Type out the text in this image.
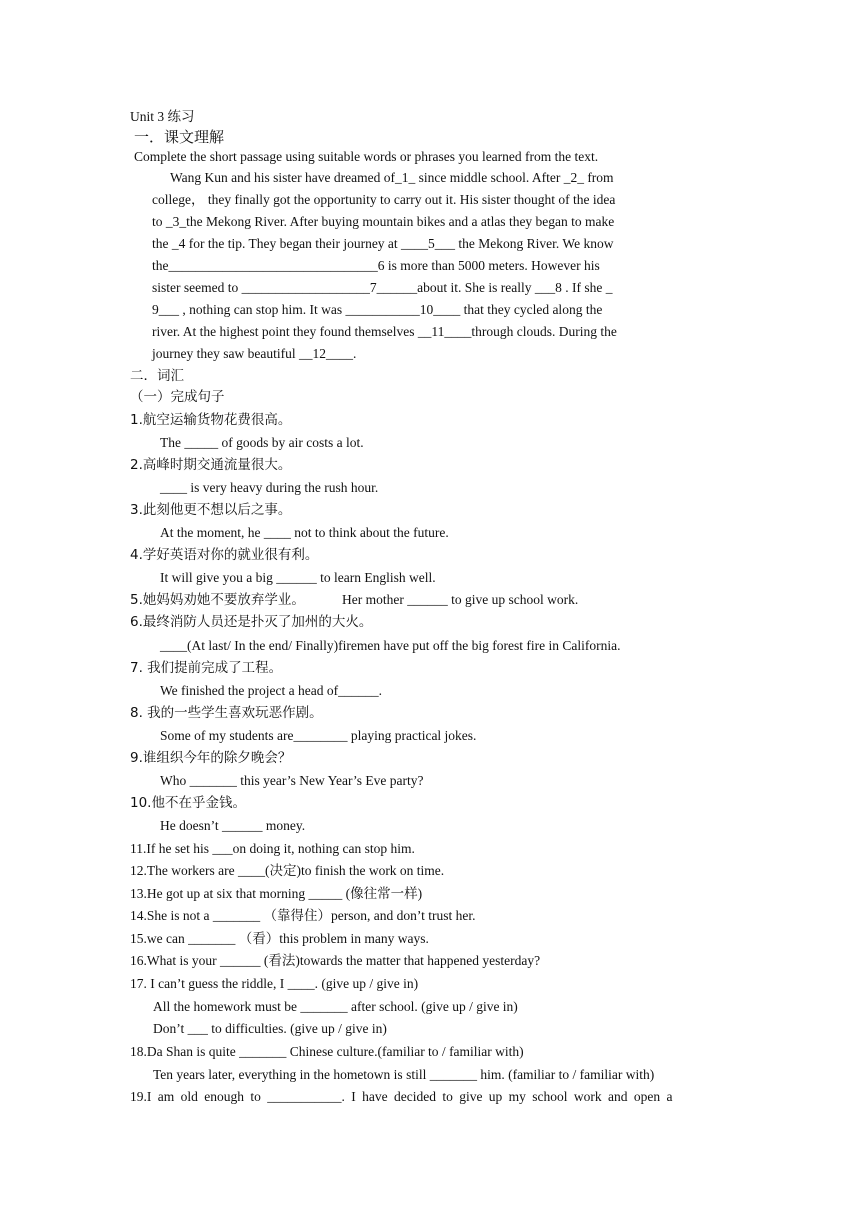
Unit 3 练习
一．课文理解
Complete the short passage using suitable words or phrases you learned from the text.
Wang Kun and his sister have dreamed of_1_ since middle school. After _2_ from
college， they finally got the opportunity to carry out it. His sister thought of the idea
to _3_the Mekong River. After buying mountain bikes and a atlas they began to make
the _4 for the tip. They began their journey at ____5___ the Mekong River. We know
the_______________________________6 is more than 5000 meters. However his
sister seemed to ___________________7______about it. She is really ___8 . If she _
9___ , nothing can stop him. It was ___________10____ that they cycled along the
river. At the highest point they found themselves __11____through clouds. During the
journey they saw beautiful __12____.
二．词汇
（一）完成句子
1.航空运输货物花费很高。
The _____ of goods by air costs a lot.
2.高峰时期交通流量很大。
____ is very heavy during the rush hour.
3.此刻他更不想以后之事。
At the moment, he ____ not to think about the future.
4.学好英语对你的就业很有利。
It will give you a big ______ to learn English well.
5.她妈妈劝她不要放弃学业。	Her mother ______ to give up school work.
6.最终消防人员还是扑灭了加州的大火。
____(At last/ In the end/ Finally)firemen have put off the big forest fire in California.
7. 我们提前完成了工程。
We finished the project a head of______.
8. 我的一些学生喜欢玩恶作剧。
Some of my students are________ playing practical jokes.
9.谁组织今年的除夕晚会？
Who _______ this year’s New Year’s Eve party?
10.他不在乎金钱。
He doesn’t ______ money.
11.If he set his ___on doing it, nothing can stop him.
12.The workers are ____(决定)to finish the work on time.
13.He got up at six that morning _____ (像往常一样)
14.She is not a _______ （靠得住）person, and don’t trust her.
15.we can _______ （看）this problem in many ways.
16.What is your ______ (看法)towards the matter that happened yesterday?
17. I can’t guess the riddle, I ____. (give up / give in)
All the homework must be _______ after school. (give up / give in)
Don’t ___ to difficulties. (give up / give in)
18.Da Shan is quite _______ Chinese culture.(familiar to / familiar with)
Ten years later, everything in the hometown is still _______ him. (familiar to / familiar with)
19.I am old enough to ___________. I have decided to give up my school work and open a
